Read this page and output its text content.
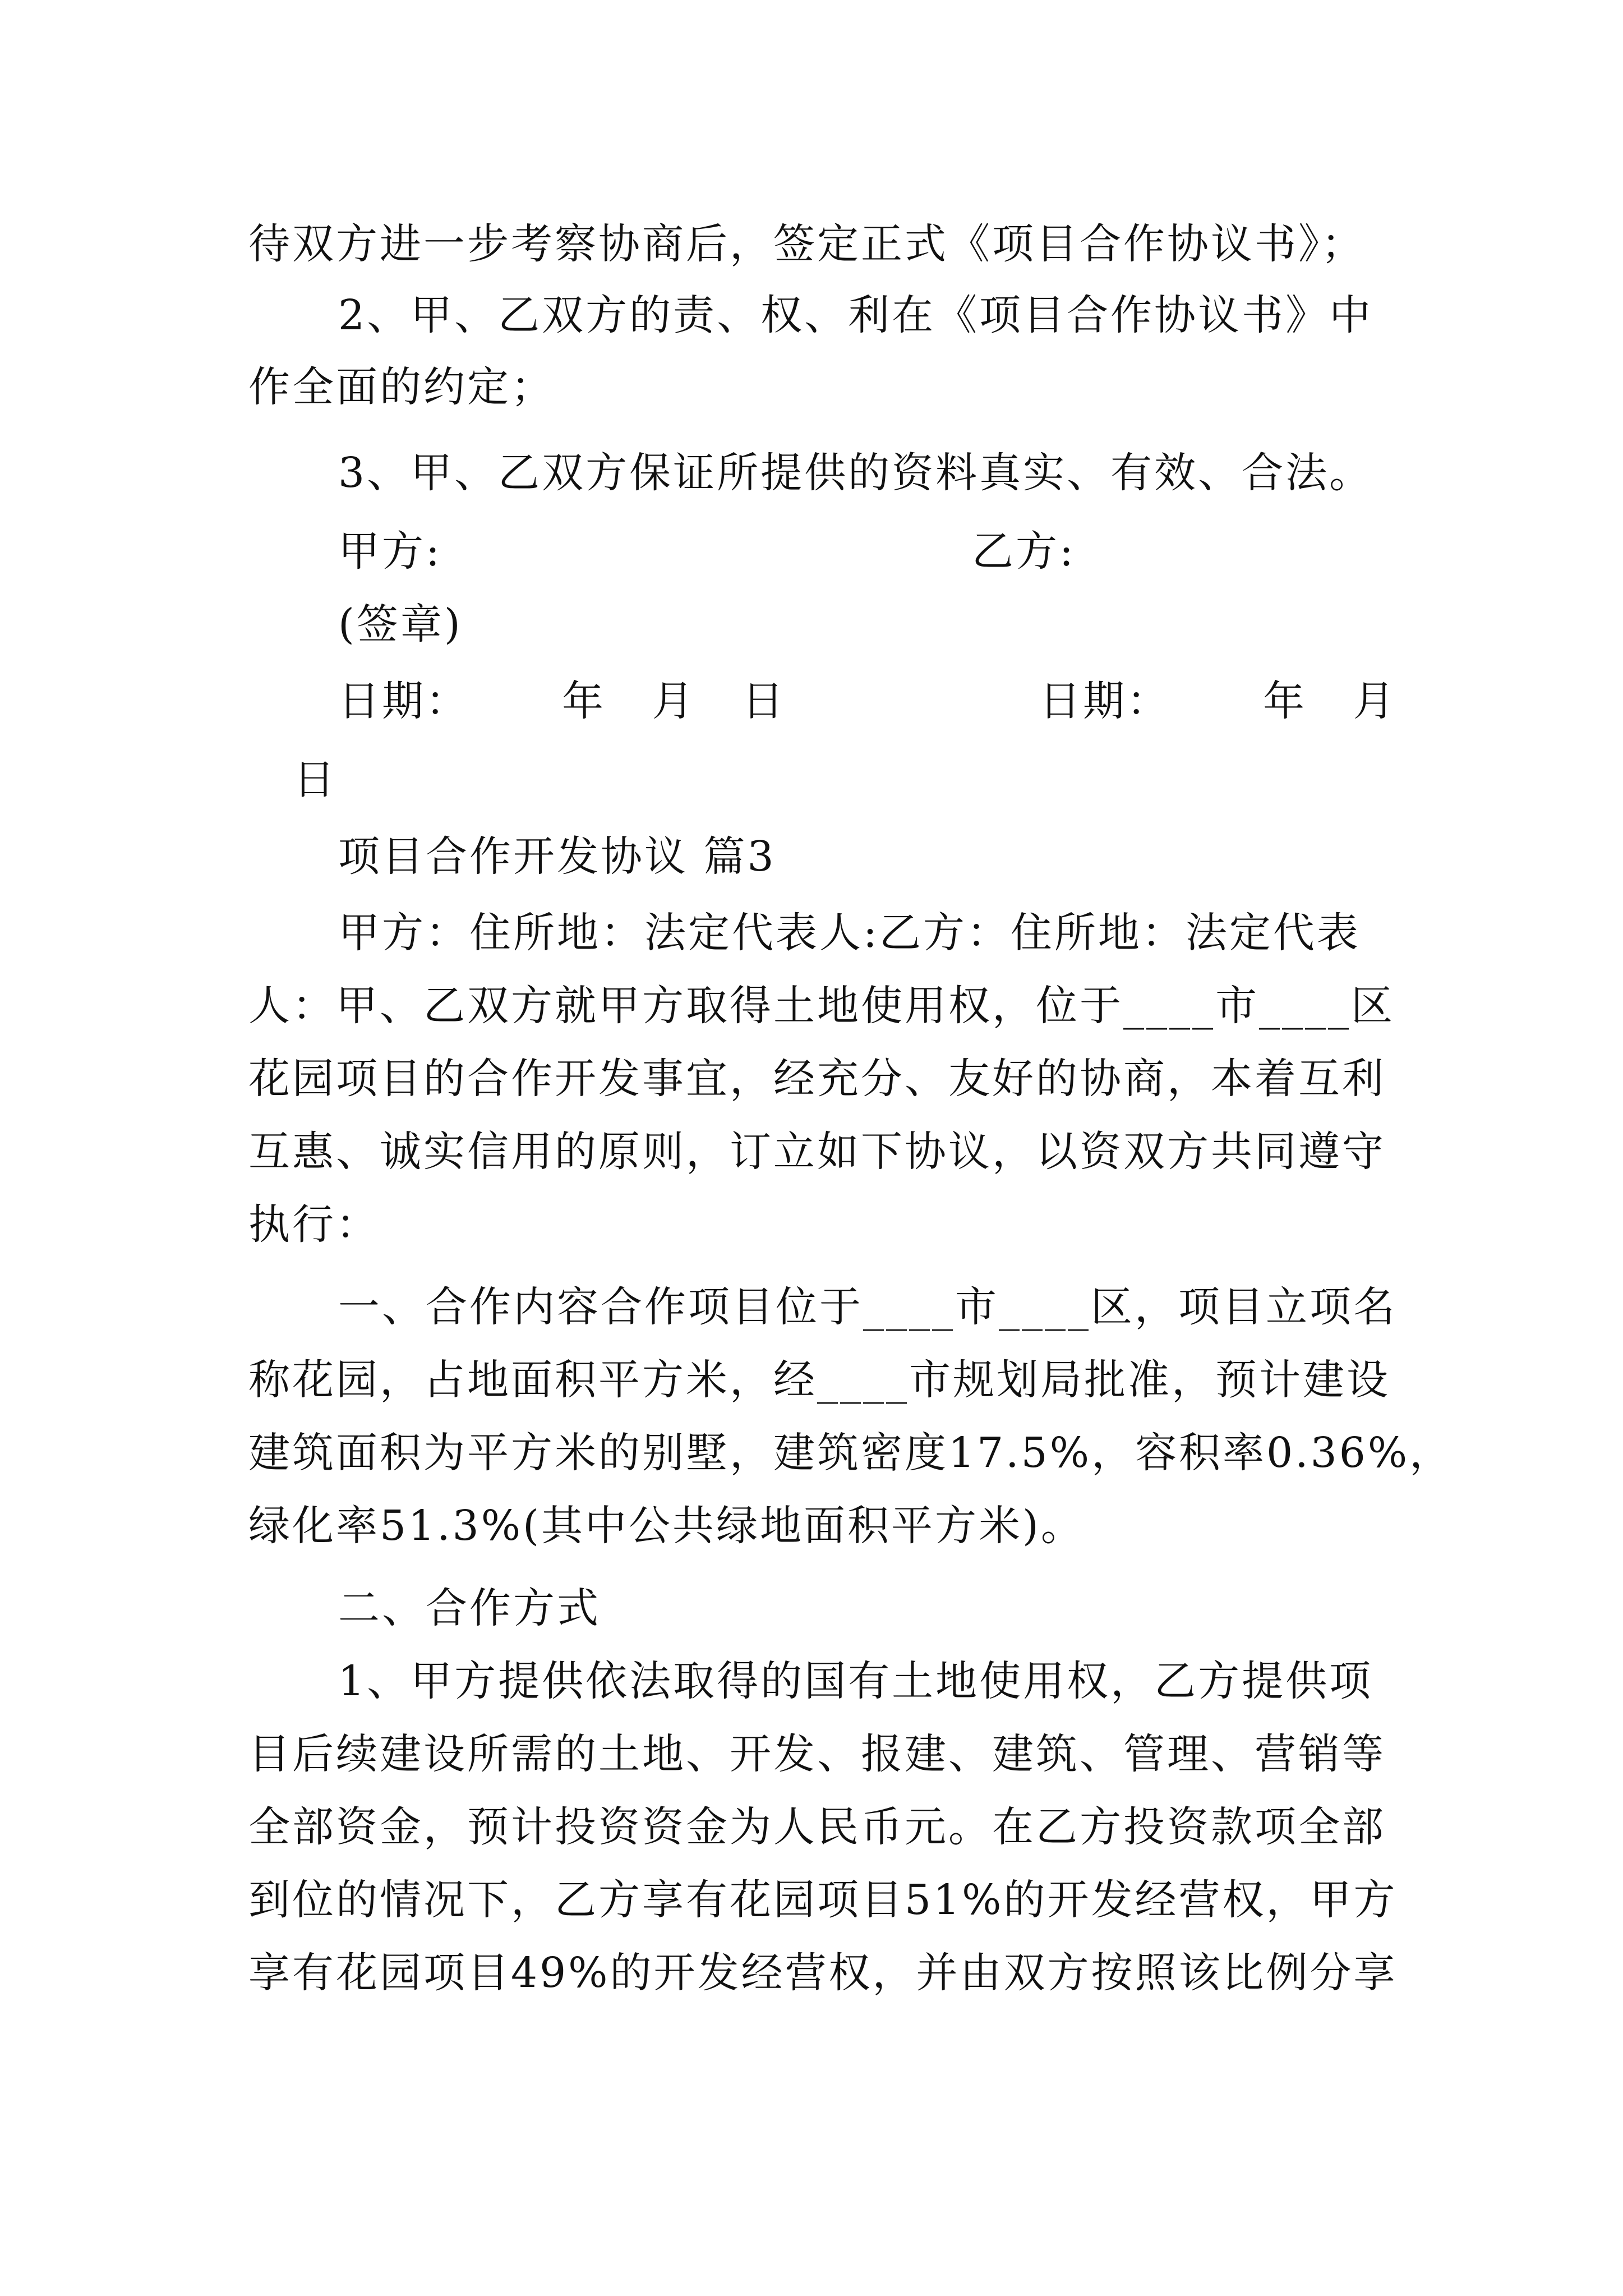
待双方进一步考察协商后，签定正式《项目合作协议书》；
2、甲、乙双方的责、权、利在《项目合作协议书》中
作全面的约定；
3、甲、乙双方保证所提供的资料真实、有效、合法。
甲方:	乙方:
(签章)
日期：      年   月   日	日期：      年   月
日
项目合作开发协议 篇3
甲方：住所地：法定代表人:乙方：住所地：法定代表
人：甲、乙双方就甲方取得土地使用权，位于____市____区
花园项目的合作开发事宜，经充分、友好的协商，本着互利
互惠、诚实信用的原则，订立如下协议，以资双方共同遵守
执行：
一、合作内容合作项目位于____市____区，项目立项名
称花园，占地面积平方米，经____市规划局批准，预计建设
建筑面积为平方米的别墅，建筑密度17.5%，容积率0.36%，
绿化率51.3%(其中公共绿地面积平方米)。
二、合作方式
1、甲方提供依法取得的国有土地使用权，乙方提供项
目后续建设所需的土地、开发、报建、建筑、管理、营销等
全部资金，预计投资资金为人民币元。在乙方投资款项全部
到位的情况下，乙方享有花园项目51%的开发经营权，甲方
享有花园项目49%的开发经营权，并由双方按照该比例分享
